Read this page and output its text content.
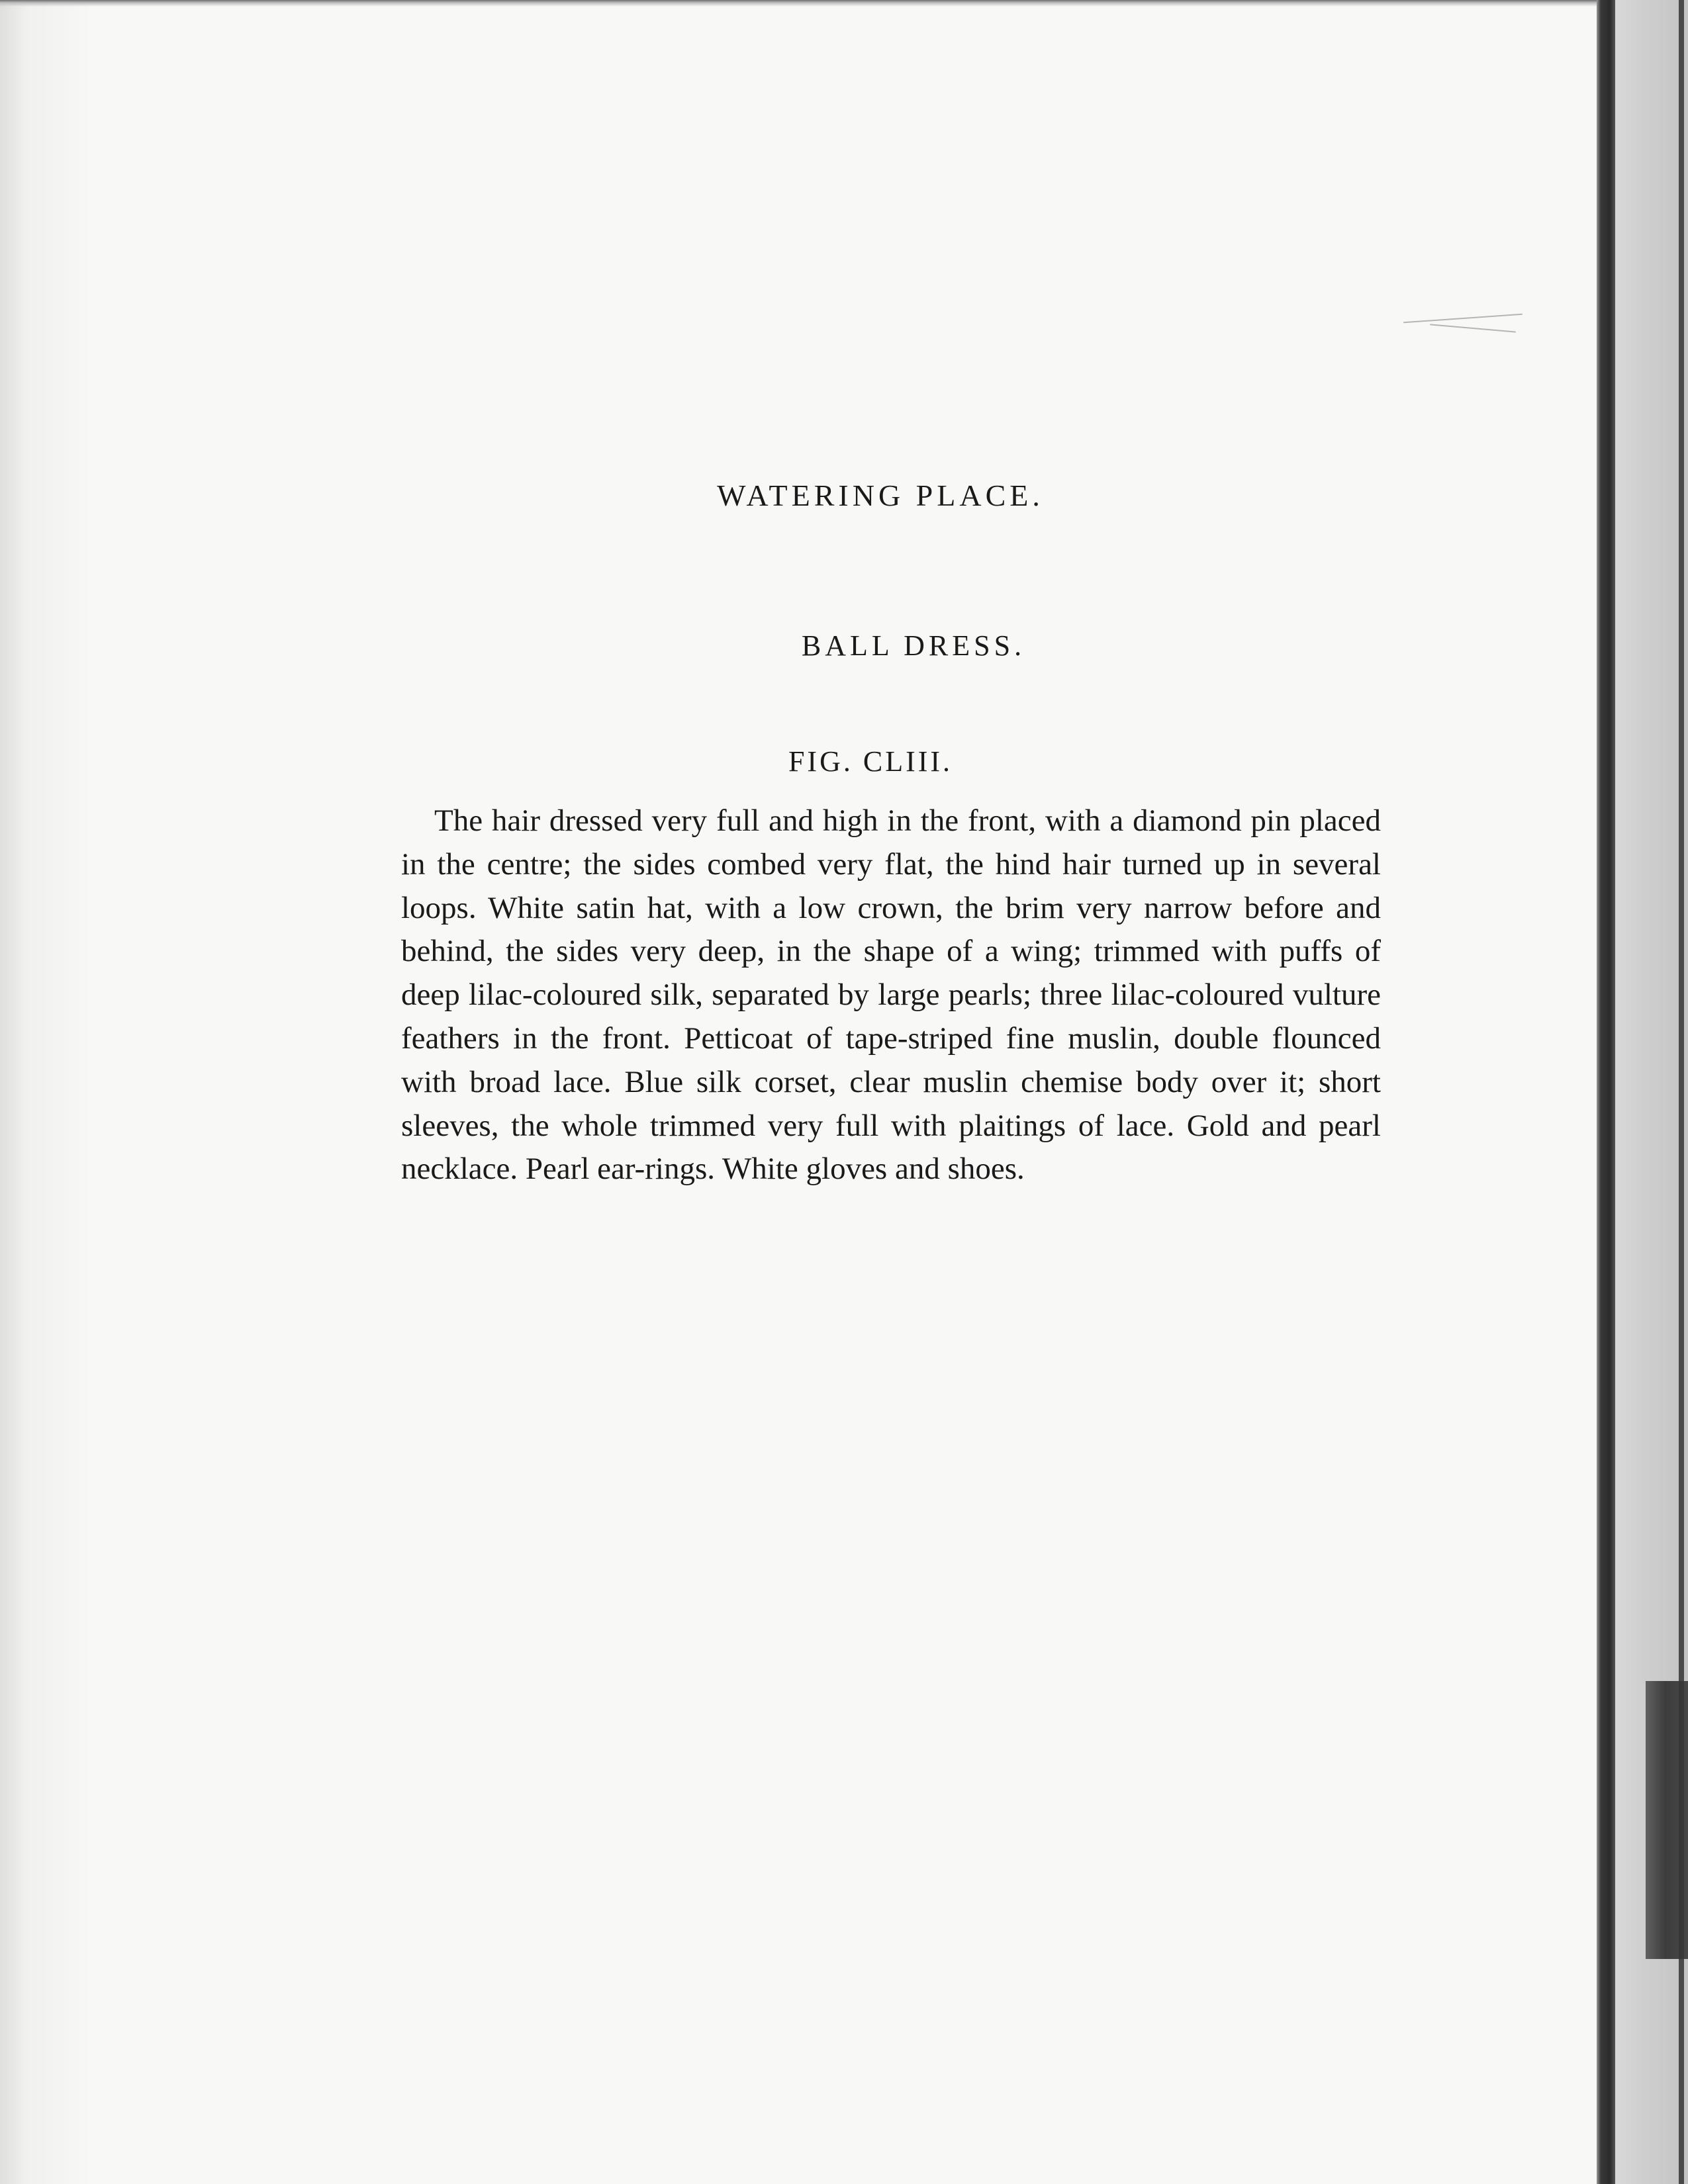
WATERING PLACE.
BALL DRESS.
FIG. CLIII.

The hair dressed very full and high in the front, with a diamond pin placed in the centre; the sides combed very flat, the hind hair turned up in several loops. White satin hat, with a low crown, the brim very narrow before and behind, the sides very deep, in the shape of a wing; trimmed with puffs of deep lilac-coloured silk, separated by large pearls; three lilac-coloured vulture feathers in the front. Petticoat of tape-striped fine muslin, double flounced with broad lace. Blue silk corset, clear muslin chemise body over it; short sleeves, the whole trimmed very full with plaitings of lace. Gold and pearl necklace. Pearl ear-rings. White gloves and shoes.
